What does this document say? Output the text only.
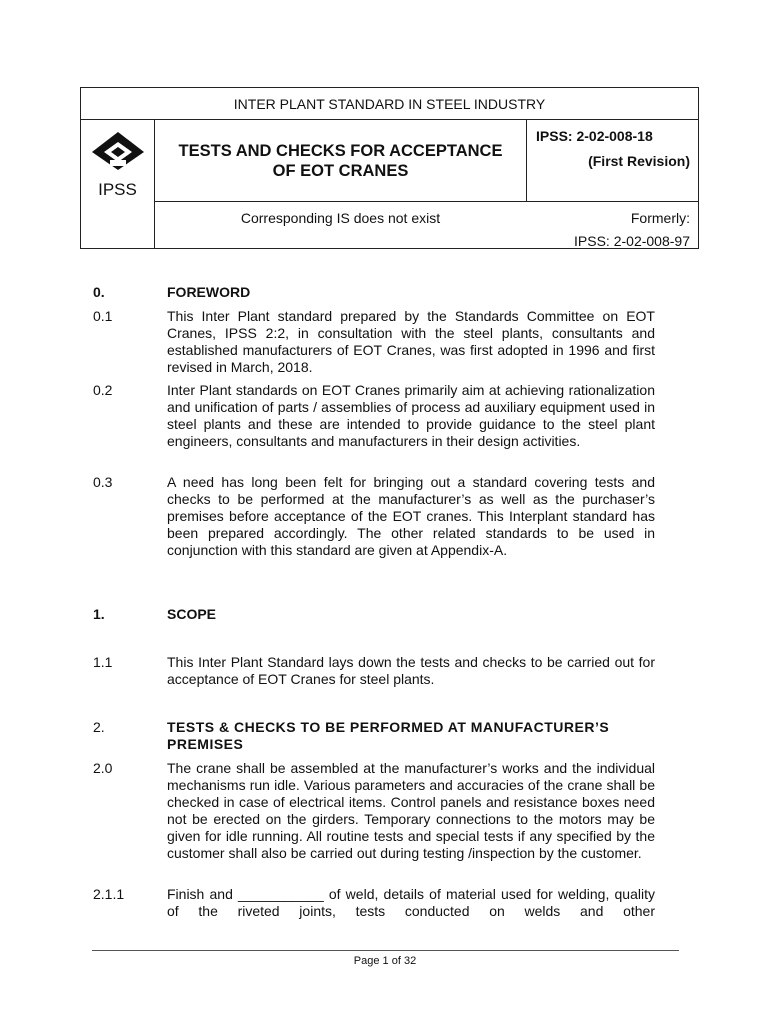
INTER PLANT STANDARD IN STEEL INDUSTRY
IPSS
TESTS AND CHECKS FOR ACCEPTANCE
OF EOT CRANES
IPSS: 2-02-008-18
(First Revision)
Corresponding IS does not exist	Formerly:
IPSS: 2-02-008-97
0.	FOREWORD
0.1	This Inter Plant standard prepared by the Standards Committee on EOT Cranes, IPSS 2:2, in consultation with the steel plants, consultants and established manufacturers of EOT Cranes, was first adopted in 1996 and first revised in March, 2018.
0.2	Inter Plant standards on EOT Cranes primarily aim at achieving rationalization and unification of parts / assemblies of process ad auxiliary equipment used in steel plants and these are intended to provide guidance to the steel plant engineers, consultants and manufacturers in their design activities.
0.3	A need has long been felt for bringing out a standard covering tests and checks to be performed at the manufacturer’s as well as the purchaser’s premises before acceptance of the EOT cranes. This Interplant standard has been prepared accordingly. The other related standards to be used in conjunction with this standard are given at Appendix-A.
1.	SCOPE
1.1	This Inter Plant Standard lays down the tests and checks to be carried out for acceptance of EOT Cranes for steel plants.
2.	TESTS & CHECKS TO BE PERFORMED AT MANUFACTURER’S PREMISES
2.0	The crane shall be assembled at the manufacturer’s works and the individual mechanisms run idle. Various parameters and accuracies of the crane shall be checked in case of electrical items. Control panels and resistance boxes need not be erected on the girders. Temporary connections to the motors may be given for idle running. All routine tests and special tests if any specified by the customer shall also be carried out during testing /inspection by the customer.
2.1.1	Finish and ___________ of weld, details of material used for welding, quality of the riveted joints, tests conducted on welds and other
Page 1 of 32
